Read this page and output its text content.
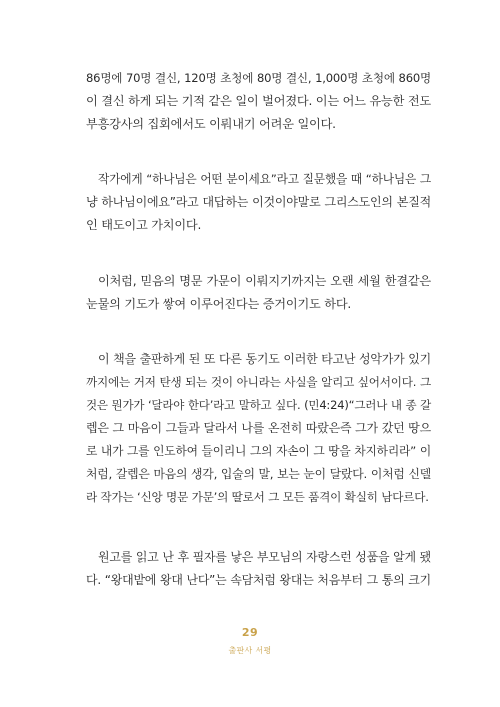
86명에 70명 결신, 120명 초청에 80명 결신, 1,000명 초청에 860명
이 결신 하게 되는 기적 같은 일이 벌어졌다. 이는 어느 유능한 전도
부흥강사의 집회에서도 이뤄내기 어려운 일이다.
작가에게 “하나님은 어떤 분이세요”라고 질문했을 때 “하나님은 그
냥 하나님이에요”라고 대답하는 이것이야말로 그리스도인의 본질적
인 태도이고 가치이다.
이처럼, 믿음의 명문 가문이 이뤄지기까지는 오랜 세월 한결같은
눈물의 기도가 쌓여 이루어진다는 증거이기도 하다.
이 책을 출판하게 된 또 다른 동기도 이러한 타고난 성악가가 있기
까지에는 거저 탄생 되는 것이 아니라는 사실을 알리고 싶어서이다. 그
것은 뭔가가 ‘달라야 한다’라고 말하고 싶다. (민4:24)“그러나 내 종 갈
렙은 그 마음이 그들과 달라서 나를 온전히 따랐은즉 그가 갔던 땅으
로 내가 그를 인도하여 들이리니 그의 자손이 그 땅을 차지하리라” 이
처럼, 갈렙은 마음의 생각, 입술의 말, 보는 눈이 달랐다. 이처럼 신델
라 작가는 ‘신앙 명문 가문’의 딸로서 그 모든 품격이 확실히 남다르다.
원고를 읽고 난 후 필자를 낳은 부모님의 자랑스런 성품을 알게 됐
다. “왕대밭에 왕대 난다”는 속담처럼 왕대는 처음부터 그 통의 크기
29
출판사 서평
